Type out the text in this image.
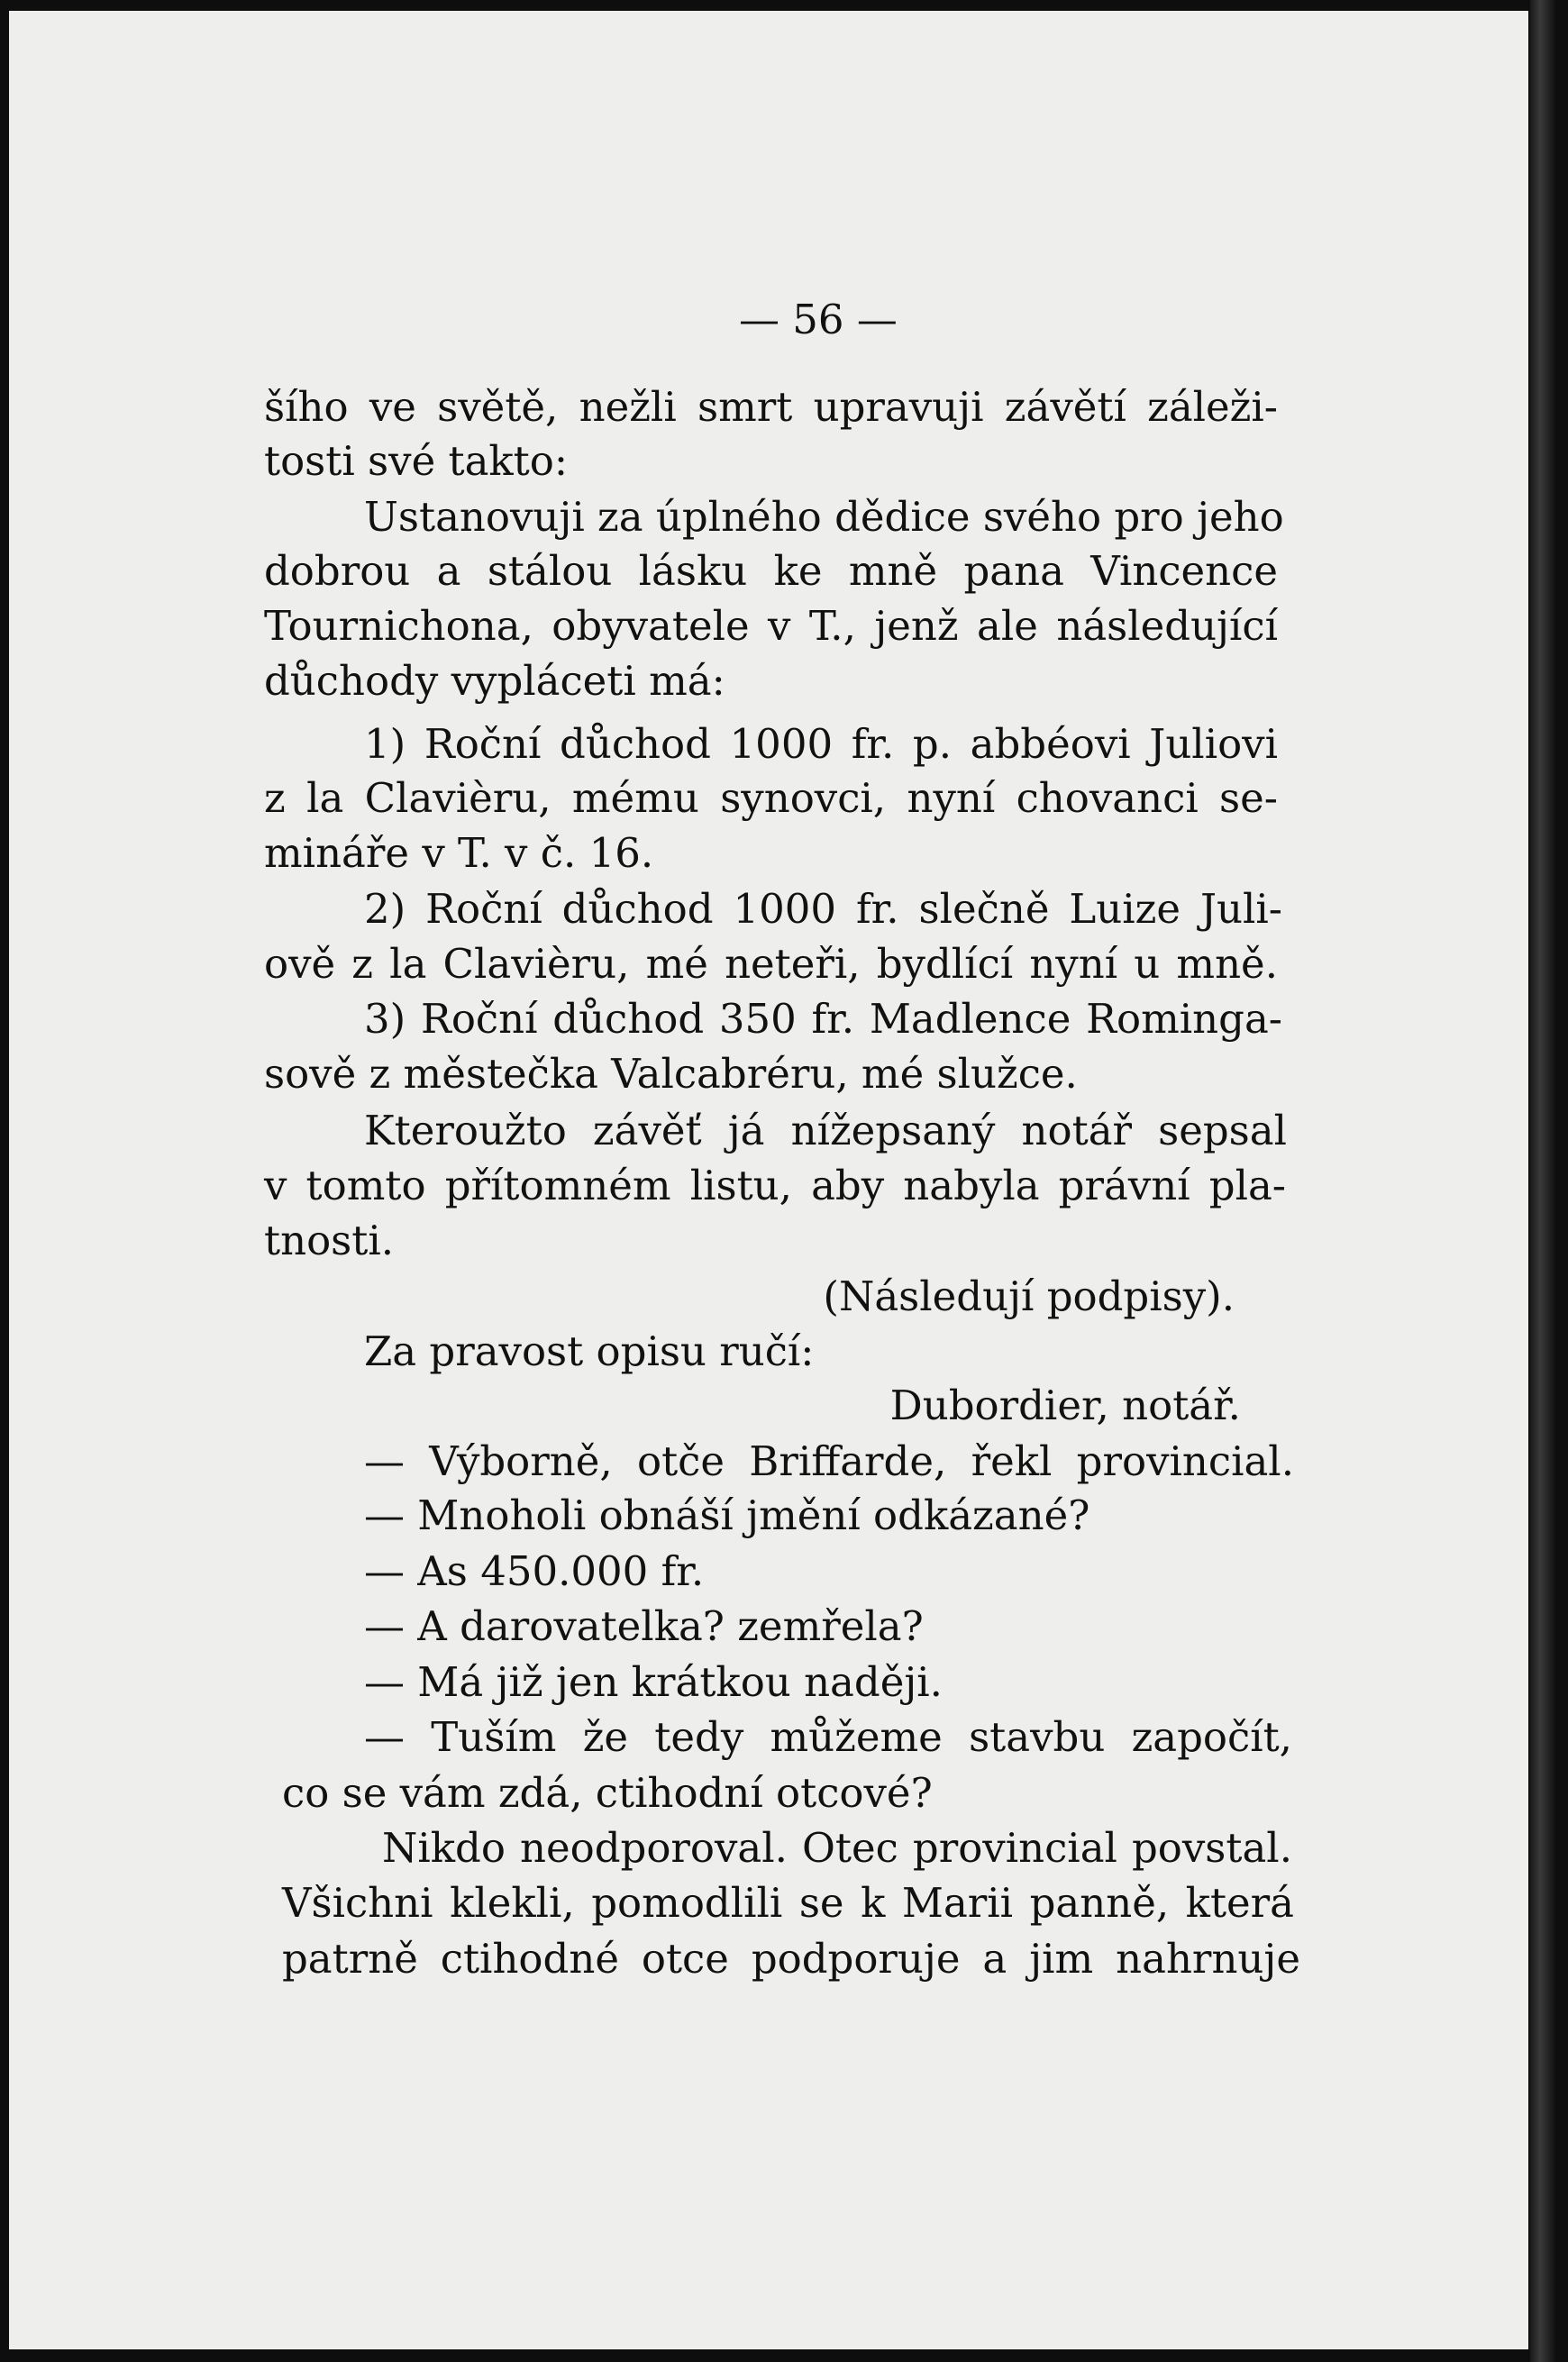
— 56 —
šího ve světě, nežli smrt upravuji závětí záleži-
tosti své takto:
Ustanovuji za úplného dědice svého pro jeho
dobrou a stálou lásku ke mně pana Vincence
Tournichona, obyvatele v T., jenž ale následující
důchody vypláceti má:
1) Roční důchod 1000 fr. p. abbéovi Juliovi
z la Clavièru, mému synovci, nyní chovanci se-
mináře v T. v č. 16.
2) Roční důchod 1000 fr. slečně Luize Juli-
ově z la Clavièru, mé neteři, bydlící nyní u mně.
3) Roční důchod 350 fr. Madlence Rominga-
sově z městečka Valcabréru, mé služce.
Kteroužto závěť já nížepsaný notář sepsal
v tomto přítomném listu, aby nabyla právní pla-
tnosti.
(Následují podpisy).
Za pravost opisu ručí:
Dubordier, notář.
— Výborně, otče Briffarde, řekl provincial.
— Mnoholi obnáší jmění odkázané?
— As 450.000 fr.
— A darovatelka? zemřela?
— Má již jen krátkou naději.
— Tuším že tedy můžeme stavbu započít,
co se vám zdá, ctihodní otcové?
Nikdo neodporoval. Otec provincial povstal.
Všichni klekli, pomodlili se k Marii panně, která
patrně ctihodné otce podporuje a jim nahrnuje
